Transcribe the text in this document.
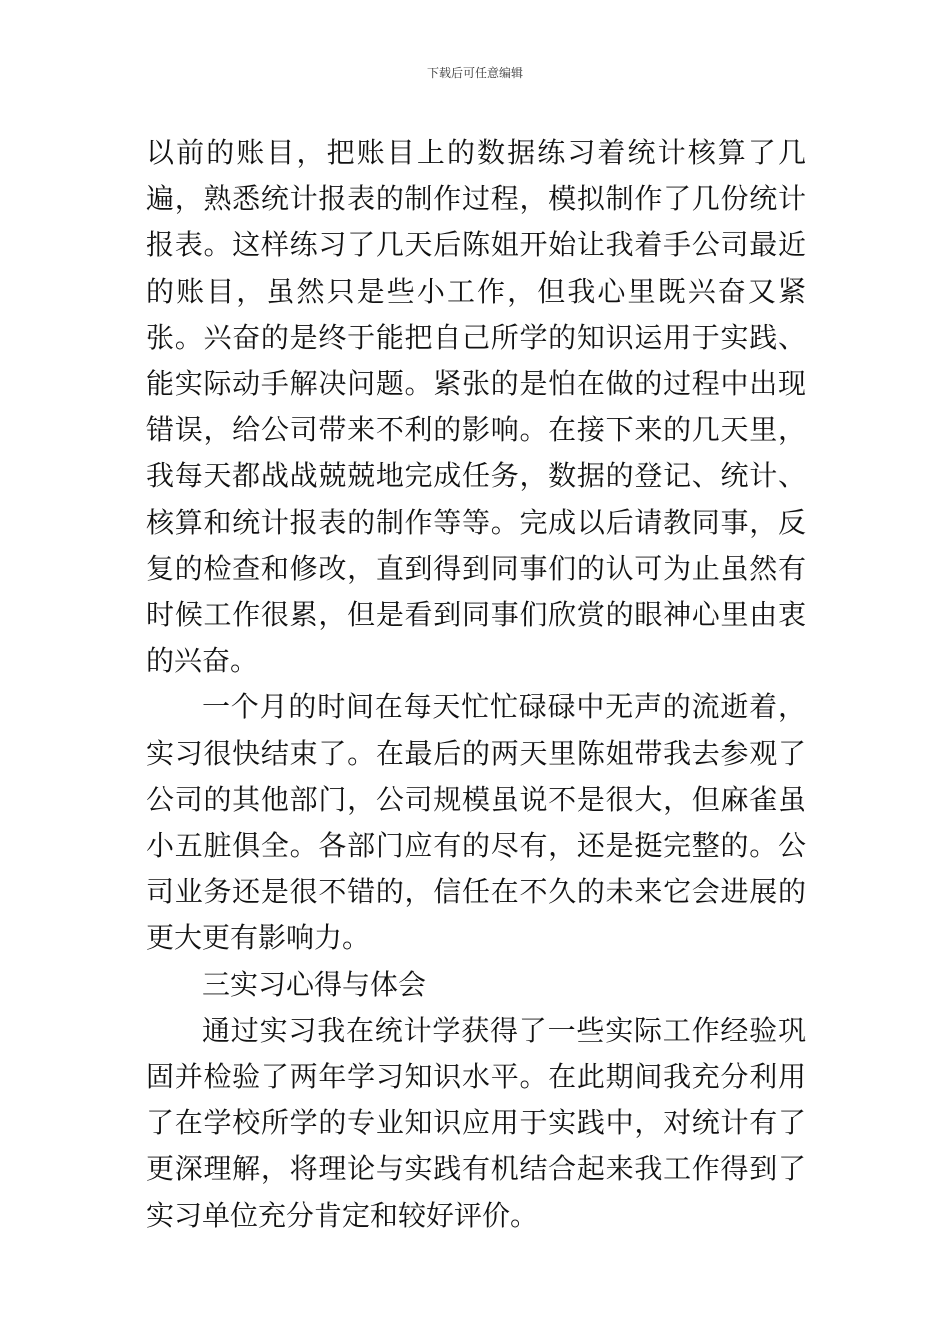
下载后可任意编辑

以前的账目，把账目上的数据练习着统计核算了几遍，熟悉统计报表的制作过程，模拟制作了几份统计报表。这样练习了几天后陈姐开始让我着手公司最近的账目，虽然只是些小工作，但我心里既兴奋又紧张。兴奋的是终于能把自己所学的知识运用于实践、能实际动手解决问题。紧张的是怕在做的过程中出现错误，给公司带来不利的影响。在接下来的几天里，我每天都战战兢兢地完成任务，数据的登记、统计、核算和统计报表的制作等等。完成以后请教同事，反复的检查和修改，直到得到同事们的认可为止虽然有时候工作很累，但是看到同事们欣赏的眼神心里由衷的兴奋。

一个月的时间在每天忙忙碌碌中无声的流逝着，实习很快结束了。在最后的两天里陈姐带我去参观了公司的其他部门，公司规模虽说不是很大，但麻雀虽小五脏俱全。各部门应有的尽有，还是挺完整的。公司业务还是很不错的，信任在不久的未来它会进展的更大更有影响力。

三实习心得与体会

通过实习我在统计学获得了一些实际工作经验巩固并检验了两年学习知识水平。在此期间我充分利用了在学校所学的专业知识应用于实践中，对统计有了更深理解，将理论与实践有机结合起来我工作得到了实习单位充分肯定和较好评价。
